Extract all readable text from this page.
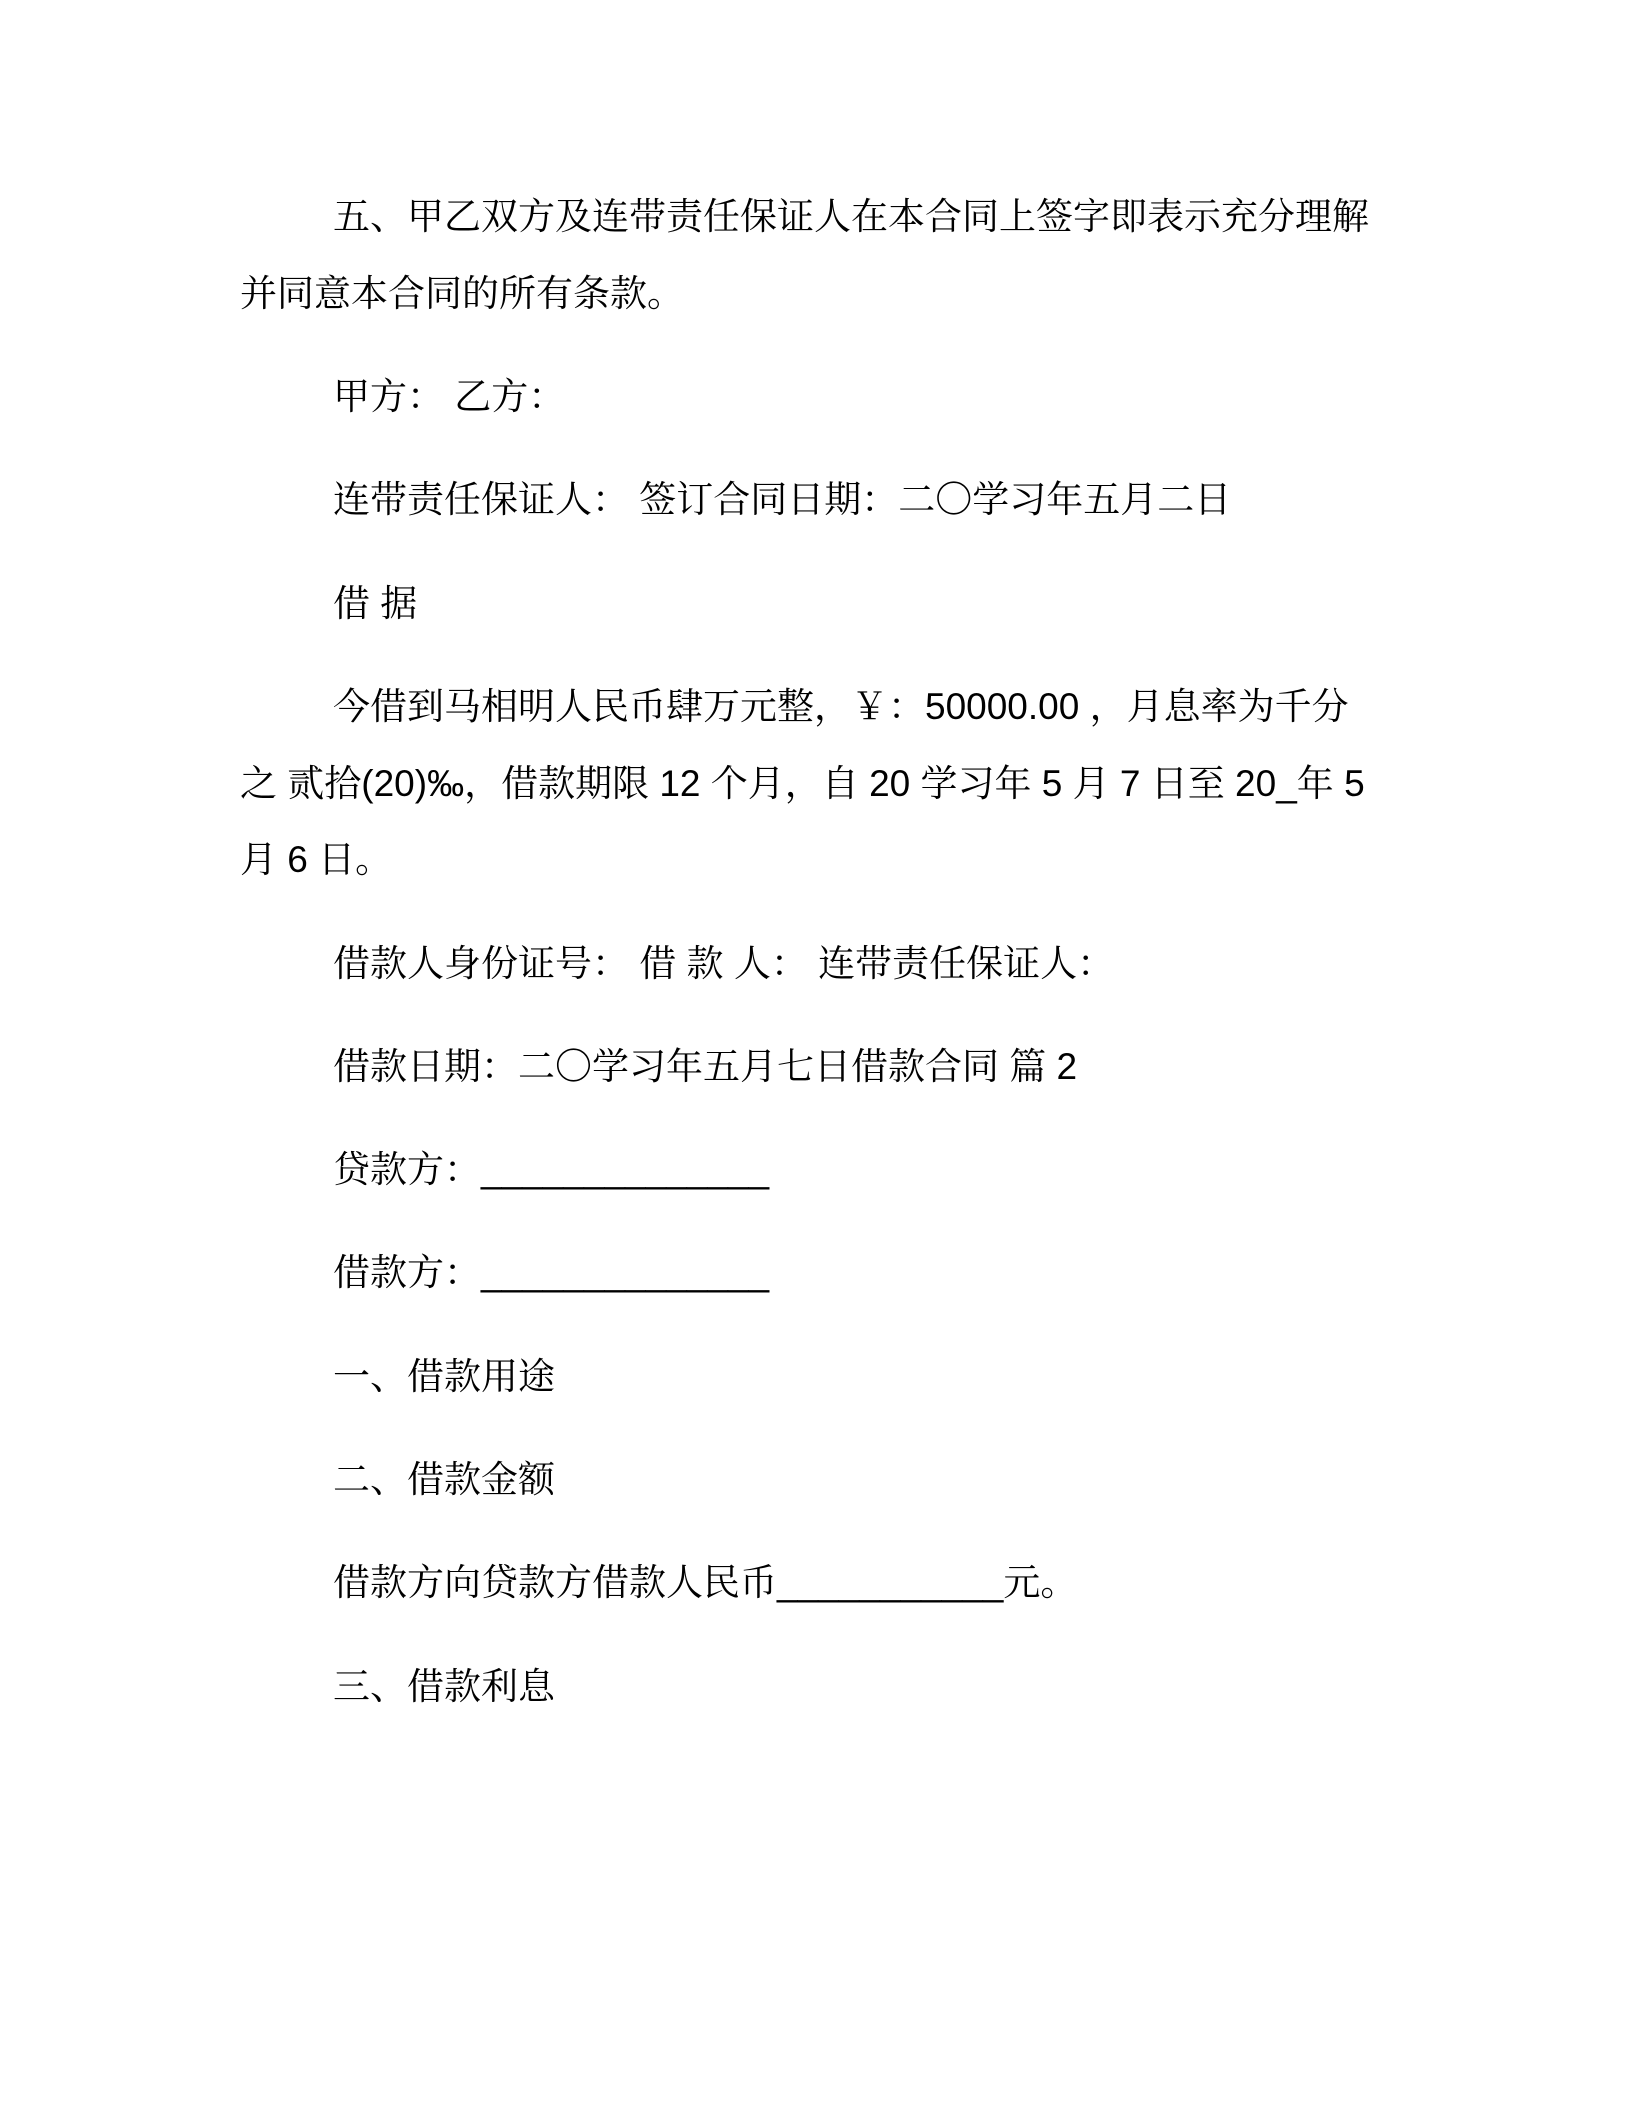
五、甲乙双方及连带责任保证人在本合同上签字即表示充分理解
并同意本合同的所有条款。
甲方： 乙方：
连带责任保证人： 签订合同日期：二〇学习年五月二日
借 据
今借到马相明人民币肆万元整，￥：50000.00 ，月息率为千分
之 贰拾(20)‰，借款期限 12 个月，自 20 学习年 5 月 7 日至 20_年 5
月 6 日。
借款人身份证号： 借 款 人： 连带责任保证人：
借款日期：二〇学习年五月七日借款合同 篇 2
贷款方：______________
借款方：______________
一、借款用途
二、借款金额
借款方向贷款方借款人民币___________元。
三、借款利息
